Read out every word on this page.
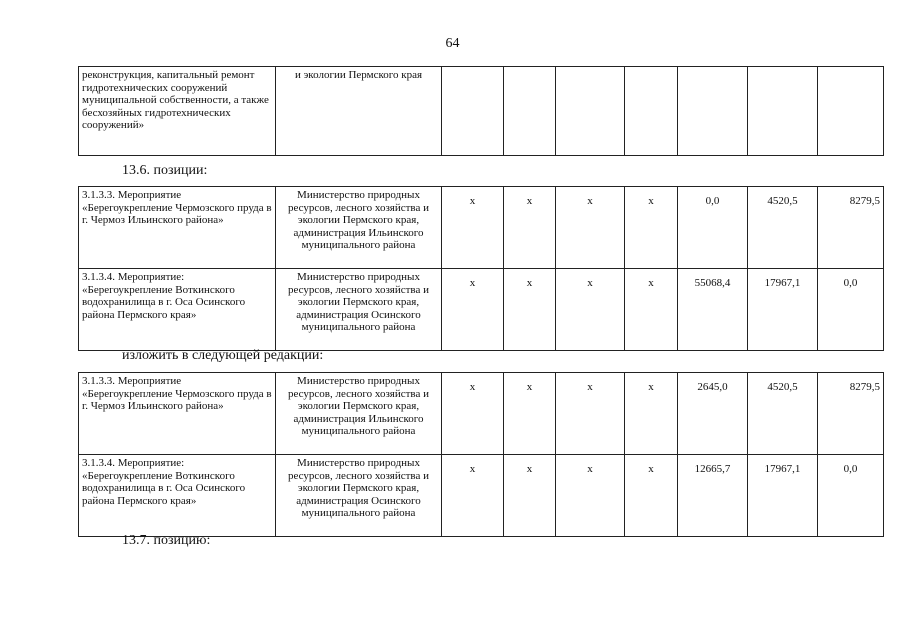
64
реконструкция, капитальный ремонт гидротехнических сооружений муниципальной собственности, а также бесхозяйных гидротехнических сооружений»	и экологии Пермского края							
13.6. позиции:
3.1.3.3. Мероприятие «Берегоукрепление Чермозского пруда в г. Чермоз Ильинского района»	Министерство природных ресурсов, лесного хозяйства и экологии Пермского края, администрация Ильинского муниципального района	х	х	х	х	0,0	4520,5	8279,5
3.1.3.4. Мероприятие: «Берегоукрепление Воткинского водохранилища в г. Оса Осинского района Пермского края»	Министерство природных ресурсов, лесного хозяйства и экологии Пермского края, администрация Осинского муниципального района	х	х	х	х	55068,4	17967,1	0,0
изложить в следующей редакции:
3.1.3.3. Мероприятие «Берегоукрепление Чермозского пруда в г. Чермоз Ильинского района»	Министерство природных ресурсов, лесного хозяйства и экологии Пермского края, администрация Ильинского муниципального района	х	х	х	х	2645,0	4520,5	8279,5
3.1.3.4. Мероприятие: «Берегоукрепление Воткинского водохранилища в г. Оса Осинского района Пермского края»	Министерство природных ресурсов, лесного хозяйства и экологии Пермского края, администрация Осинского муниципального района	х	х	х	х	12665,7	17967,1	0,0
13.7. позицию:
